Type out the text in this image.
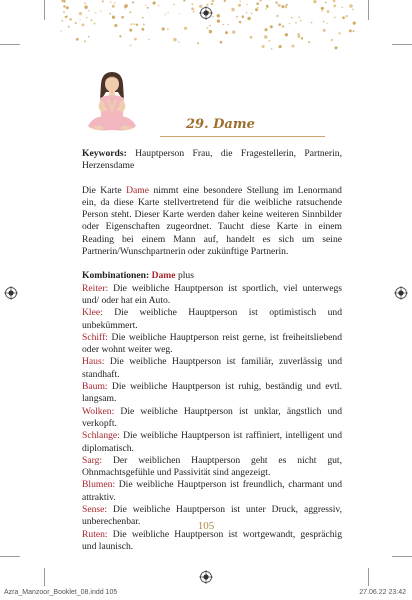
29. Dame

Keywords: Hauptperson Frau, die Fragestellerin, Partnerin, Herzensdame

Die Karte Dame nimmt eine besondere Stellung im Lenormand ein, da diese Karte stellvertretend für die weibliche ratsuchende Person steht. Dieser Karte werden daher keine weiteren Sinnbilder oder Eigenschaften zugeordnet. Taucht diese Karte in einem Reading bei einem Mann auf, handelt es sich um seine Partnerin/Wunschpartnerin oder zukünftige Partnerin.

Kombinationen: Dame plus

Reiter: Die weibliche Hauptperson ist sportlich, viel unterwegs und/ oder hat ein Auto.

Klee: Die weibliche Hauptperson ist optimistisch und unbekümmert.

Schiff: Die weibliche Hauptperson reist gerne, ist freiheitsliebend oder wohnt weiter weg.

Haus: Die weibliche Hauptperson ist familiär, zuverlässig und standhaft.

Baum: Die weibliche Hauptperson ist ruhig, beständig und evtl. langsam.

Wolken: Die weibliche Hauptperson ist unklar, ängstlich und verkopft.

Schlange: Die weibliche Hauptperson ist raffiniert, intelligent und diplomatisch.

Sarg: Der weiblichen Hauptperson geht es nicht gut, Ohnmachtsgefühle und Passivität sind angezeigt.

Blumen: Die weibliche Hauptperson ist freundlich, charmant und attraktiv.

Sense: Die weibliche Hauptperson ist unter Druck, aggressiv, unberechenbar.

Ruten: Die weibliche Hauptperson ist wortgewandt, gesprächig und launisch.

105
Azra_Manzoor_Booklet_08.indd 105	27.06.22 23:42
